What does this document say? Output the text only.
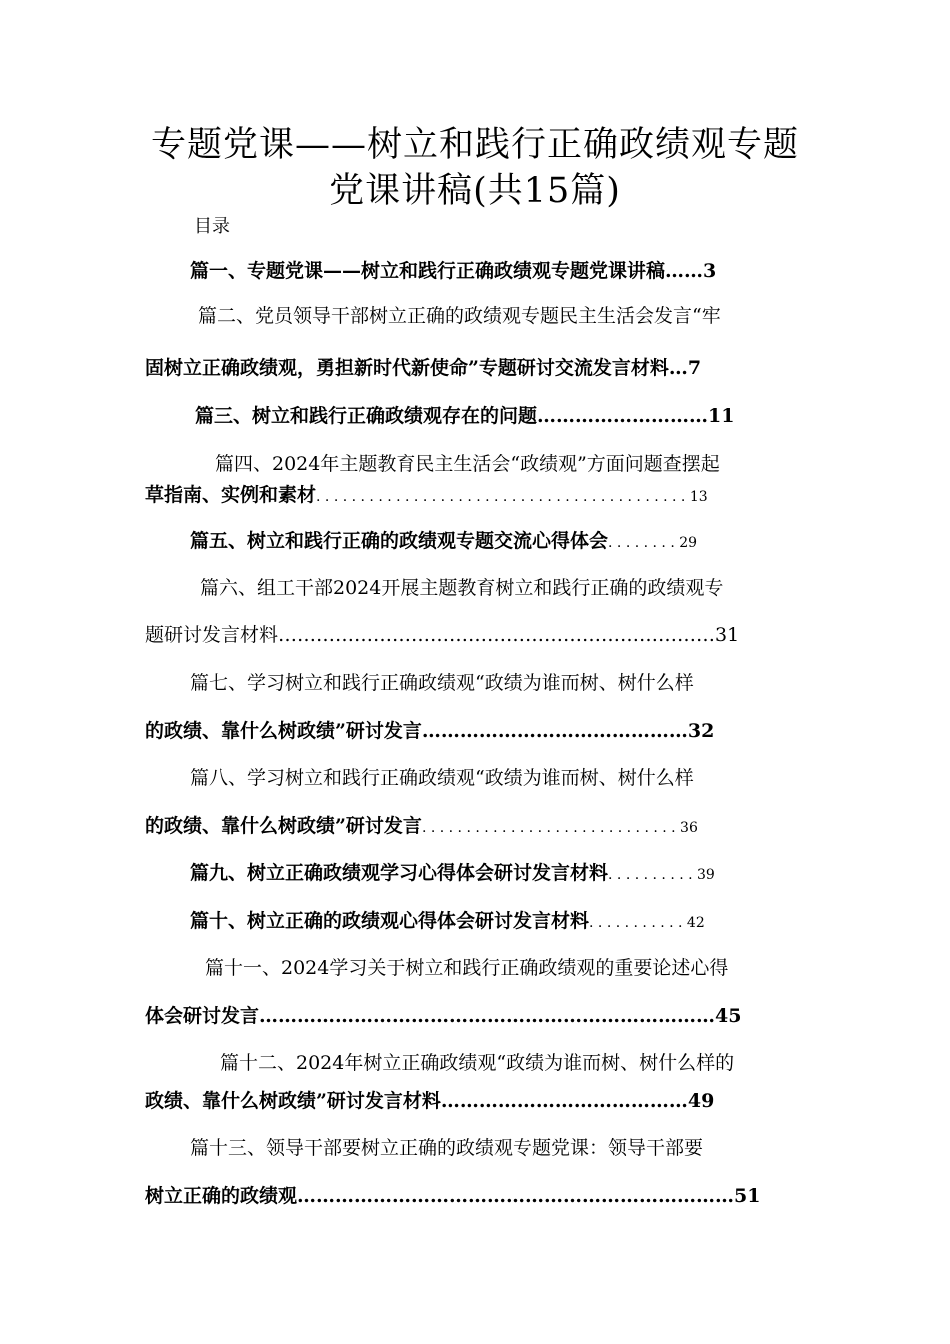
专题党课——树立和践行正确政绩观专题
党课讲稿(共15篇)
目录
篇一、专题党课——树立和践行正确政绩观专题党课讲稿……3
篇二、党员领导干部树立正确的政绩观专题民主生活会发言“牢
固树立正确政绩观，勇担新时代新使命”专题研讨交流发言材料…7
篇三、树立和践行正确政绩观存在的问题………………………11
篇四、2024年主题教育民主生活会“政绩观”方面问题查摆起
草指南、实例和素材. . . . . . . . . . . . . . . . . . . . . . . . . . . . . . . . . . . . . . . . . . 13
篇五、树立和践行正确的政绩观专题交流心得体会. . . . . . . . 29
篇六、组工干部2024开展主题教育树立和践行正确的政绩观专
题研讨发言材料……………………………………………………………31
篇七、学习树立和践行正确政绩观“政绩为谁而树、树什么样
的政绩、靠什么树政绩”研讨发言……………………………………32
篇八、学习树立和践行正确政绩观“政绩为谁而树、树什么样
的政绩、靠什么树政绩”研讨发言. . . . . . . . . . . . . . . . . . . . . . . . . . . . . 36
篇九、树立正确政绩观学习心得体会研讨发言材料. . . . . . . . . . 39
篇十、树立正确的政绩观心得体会研讨发言材料. . . . . . . . . . . 42
篇十一、2024学习关于树立和践行正确政绩观的重要论述心得
体会研讨发言………………………………………………………………45
篇十二、2024年树立正确政绩观“政绩为谁而树、树什么样的
政绩、靠什么树政绩”研讨发言材料…………………………………49
篇十三、领导干部要树立正确的政绩观专题党课：领导干部要
树立正确的政绩观……………………………………………………………51
